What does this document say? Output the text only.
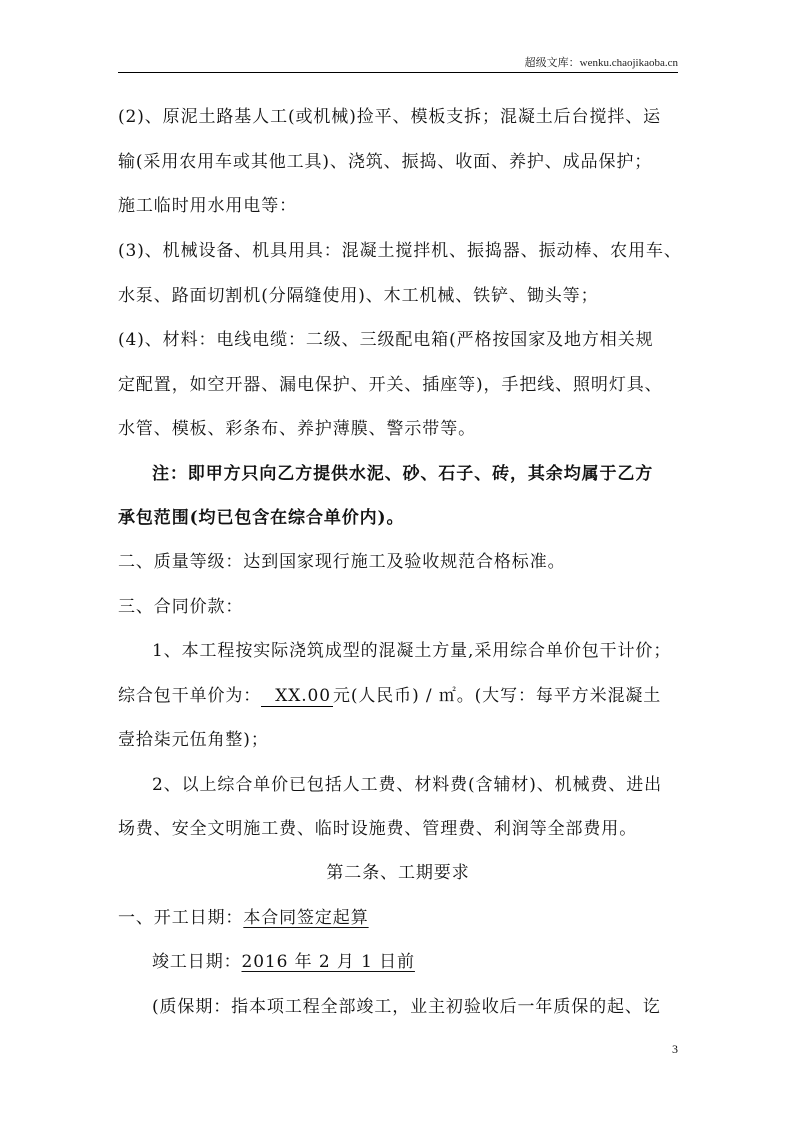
超级文库：wenku.chaojikaoba.cn
(2)、原泥土路基人工(或机械)捡平、模板支拆；混凝土后台搅拌、运
输(采用农用车或其他工具)、浇筑、振捣、收面、养护、成品保护；
施工临时用水用电等：
(3)、机械设备、机具用具：混凝土搅拌机、振捣器、振动棒、农用车、
水泵、路面切割机(分隔缝使用)、木工机械、铁铲、锄头等；
(4)、材料：电线电缆：二级、三级配电箱(严格按国家及地方相关规
定配置，如空开器、漏电保护、开关、插座等)，手把线、照明灯具、
水管、模板、彩条布、养护薄膜、警示带等。
注：即甲方只向乙方提供水泥、砂、石子、砖，其余均属于乙方
承包范围(均已包含在综合单价内)。
二、质量等级：达到国家现行施工及验收规范合格标准。
三、合同价款：
1、本工程按实际浇筑成型的混凝土方量,采用综合单价包干计价；
综合包干单价为： XX.00 元(人民币) / ㎡。(大写：每平方米混凝土
壹拾柒元伍角整)；
2、以上综合单价已包括人工费、材料费(含辅材)、机械费、进出
场费、安全文明施工费、临时设施费、管理费、利润等全部费用。
第二条、工期要求
一、开工日期：本合同签定起算
竣工日期：2016 年 2 月 1 日前
(质保期：指本项工程全部竣工，业主初验收后一年质保的起、讫
3
